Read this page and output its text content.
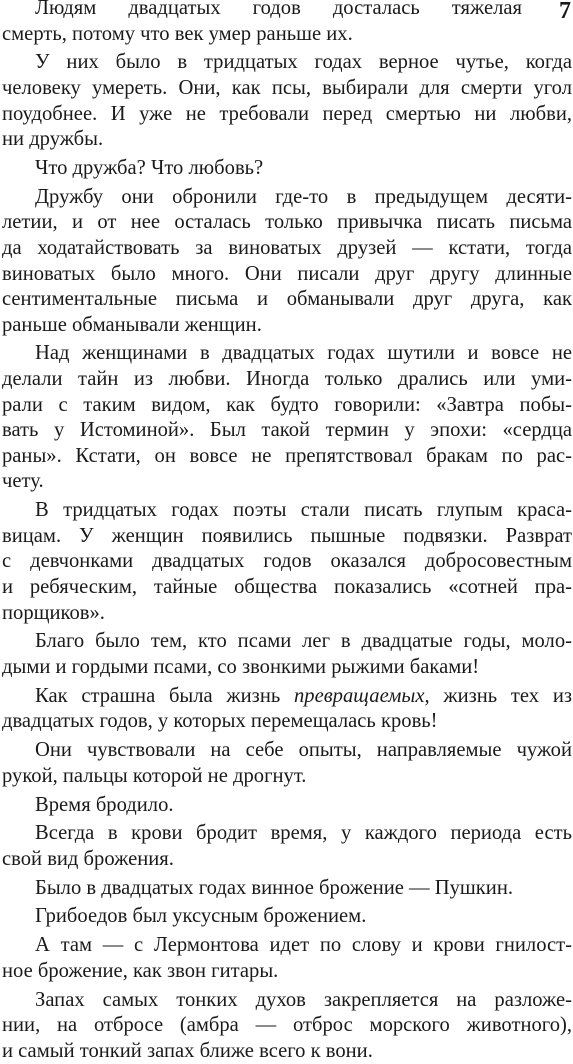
7
Людям двадцатых годов досталась тяжелая
смерть, потому что век умер раньше их.
У них было в тридцатых годах верное чутье, когда
человеку умереть. Они, как псы, выбирали для смерти угол
поудобнее. И уже не требовали перед смертью ни любви,
ни дружбы.
Что дружба? Что любовь?
Дружбу они обронили где-то в предыдущем десяти-
летии, и от нее осталась только привычка писать письма
да ходатайствовать за виноватых друзей — кстати, тогда
виноватых было много. Они писали друг другу длинные
сентиментальные письма и обманывали друг друга, как
раньше обманывали женщин.
Над женщинами в двадцатых годах шутили и вовсе не
делали тайн из любви. Иногда только дрались или уми-
рали с таким видом, как будто говорили: «Завтра побы-
вать у Истоминой». Был такой термин у эпохи: «сердца
раны». Кстати, он вовсе не препятствовал бракам по рас-
чету.
В тридцатых годах поэты стали писать глупым краса-
вицам. У женщин появились пышные подвязки. Разврат
с девчонками двадцатых годов оказался добросовестным
и ребяческим, тайные общества показались «сотней пра-
порщиков».
Благо было тем, кто псами лег в двадцатые годы, моло-
дыми и гордыми псами, со звонкими рыжими баками!
Как страшна была жизнь превращаемых, жизнь тех из
двадцатых годов, у которых перемещалась кровь!
Они чувствовали на себе опыты, направляемые чужой
рукой, пальцы которой не дрогнут.
Время бродило.
Всегда в крови бродит время, у каждого периода есть
свой вид брожения.
Было в двадцатых годах винное брожение — Пушкин.
Грибоедов был уксусным брожением.
А там — с Лермонтова идет по слову и крови гнилост-
ное брожение, как звон гитары.
Запах самых тонких духов закрепляется на разложе-
нии, на отбросе (амбра — отброс морского животного),
и самый тонкий запах ближе всего к вони.
